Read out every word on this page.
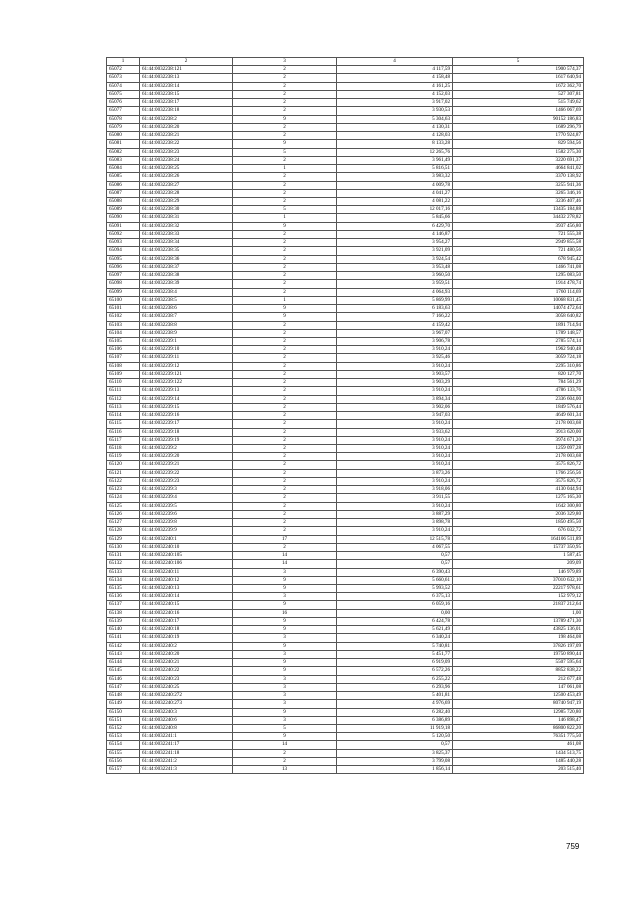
1	2	3	4	5
65072	61:44:0032238:121	2	4 117,59	1900 574,37
65073	61:44:0032238:13	2	4 158,48	1617 640,94
65074	61:44:0032238:14	2	4 161,25	1672 362,70
65075	61:44:0032238:15	2	4 152,03	527 307,81
65076	61:44:0032238:17	2	3 917,02	515 749,62
65077	61:44:0032238:18	2	3 930,53	1466 067,69
65078	61:44:0032238:2	9	5 304,63	90152 186,83
65079	61:44:0032238:20	2	4 130,31	1689 296,79
65080	61:44:0032238:21	2	4 128,03	1770 924,87
65081	61:44:0032238:22	9	8 133,28	829 594,56
65082	61:44:0032238:23	5	12 265,76	1582 275,30
65083	61:44:0032238:24	2	3 961,49	3220 691,37
65084	61:44:0032238:25	1	5 816,51	4664 841,02
65085	61:44:0032238:26	2	3 983,32	3370 138,92
65086	61:44:0032238:27	2	4 009,78	3255 941,36
65087	61:44:0032238:28	2	4 041,27	3265 346,16
65088	61:44:0032238:29	2	4 081,22	3236 407,46
65089	61:44:0032238:30	5	12 017,16	13435 184,88
65090	61:44:0032238:31	1	5 845,66	34432 278,82
65091	61:44:0032238:32	9	6 429,70	3937 456,80
65092	61:44:0032238:33	2	4 146,87	721 555,38
65093	61:44:0032238:34	2	3 954,27	2949 855,58
65094	61:44:0032238:35	2	3 921,09	721 480,56
65095	61:44:0032238:36	2	3 924,54	678 945,42
65096	61:44:0032238:37	2	3 953,48	1466 741,08
65097	61:44:0032238:38	2	3 960,50	1295 083,50
65098	61:44:0032238:39	2	3 959,51	1914 478,74
65099	61:44:0032238:4	2	4 064,93	1760 114,69
65100	61:44:0032238:5	1	5 869,99	10068 831,45
65101	61:44:0032238:6	9	6 183,63	14074 472,64
65102	61:44:0032238:7	9	7 166,22	3058 640,82
65103	61:44:0032238:8	2	4 159,42	1891 714,94
65104	61:44:0032238:9	2	3 967,07	1789 148,57
65105	61:44:0032239:1	2	3 906,78	2785 574,14
65106	61:44:0032239:10	2	3 910,24	1962 940,48
65107	61:44:0032239:11	2	3 925,46	3059 724,18
65108	61:44:0032239:12	2	3 910,24	2295 310,86
65109	61:44:0032239:121	2	3 903,57	820 127,70
65110	61:44:0032239:122	2	3 903,29	784 561,29
65111	61:44:0032239:13	2	3 910,24	4786 133,76
65112	61:44:0032239:14	2	3 894,34	2336 604,00
65113	61:44:0032239:15	2	3 902,06	1849 576,44
65114	61:44:0032239:16	2	3 947,03	4649 601,34
65115	61:44:0032239:17	2	3 910,24	2178 003,68
65116	61:44:0032239:18	2	3 933,62	3913 620,00
65117	61:44:0032239:19	2	3 910,24	3974 671,20
65118	61:44:0032239:2	2	3 910,24	1259 097,28
65119	61:44:0032239:20	2	3 910,24	2178 003,68
65120	61:44:0032239:21	2	3 910,24	3575 826,72
65121	61:44:0032239:22	2	3 873,26	1766 256,56
65122	61:44:0032239:23	2	3 910,24	3575 826,72
65123	61:44:0032239:3	2	3 918,06	4130 044,94
65124	61:44:0032239:4	2	3 911,55	1275 165,30
65125	61:44:0032239:5	2	3 910,24	1642 300,80
65126	61:44:0032239:6	2	3 887,29	2036 329,80
65127	61:44:0032239:8	2	3 898,78	1850 495,50
65128	61:44:0032239:9	2	3 910,24	676 032,72
65129	61:44:0032240:1	17	12 515,78	164106 511,89
65130	61:44:0032240:10	2	4 067,55	15737 350,95
65131	61:44:0032240:105	14	0,57	1 587,45
65132	61:44:0032240:106	14	0,57	209,09
65133	61:44:0032240:11	3	6 390,43	146 979,89
65134	61:44:0032240:12	9	5 660,61	37010 632,10
65135	61:44:0032240:13	9	5 993,52	22217 978,61
65136	61:44:0032240:14	3	6 375,13	152 979,12
65137	61:44:0032240:15	9	6 059,16	21837 212,64
65138	61:44:0032240:16	16	0,00	1,00
65139	61:44:0032240:17	9	6 424,78	13789 471,30
65140	61:44:0032240:18	9	5 621,49	43825 136,01
65141	61:44:0032240:19	3	6 340,24	198 464,08
65142	61:44:0032240:2	9	5 740,81	37826 197,09
65143	61:44:0032240:20	3	5 451,77	19750 890,44
65144	61:44:0032240:21	9	6 919,09	5507 595,64
65145	61:44:0032240:22	9	6 572,26	8852 838,22
65146	61:44:0032240:23	3	6 255,22	212 677,48
65147	61:44:0032240:25	3	6 293,96	147 061,08
65148	61:44:0032240:272	3	5 401,81	12500 453,49
65149	61:44:0032240:273	3	4 976,69	80740 947,19
65150	61:44:0032240:3	9	6 282,40	12985 720,80
65151	61:44:0032240:6	3	6 386,89	146 898,47
65152	61:44:0032240:8	5	11 919,18	86800 822,20
65153	61:44:0032241:1	9	5 120,50	76351 775,50
65154	61:44:0032241:17	14	0,57	461,08
65155	61:44:0032241:18	2	3 825,37	1434 513,75
65156	61:44:0032241:2	2	3 799,08	1485 440,28
65157	61:44:0032241:3	13	1 856,14	203 515,40
759
